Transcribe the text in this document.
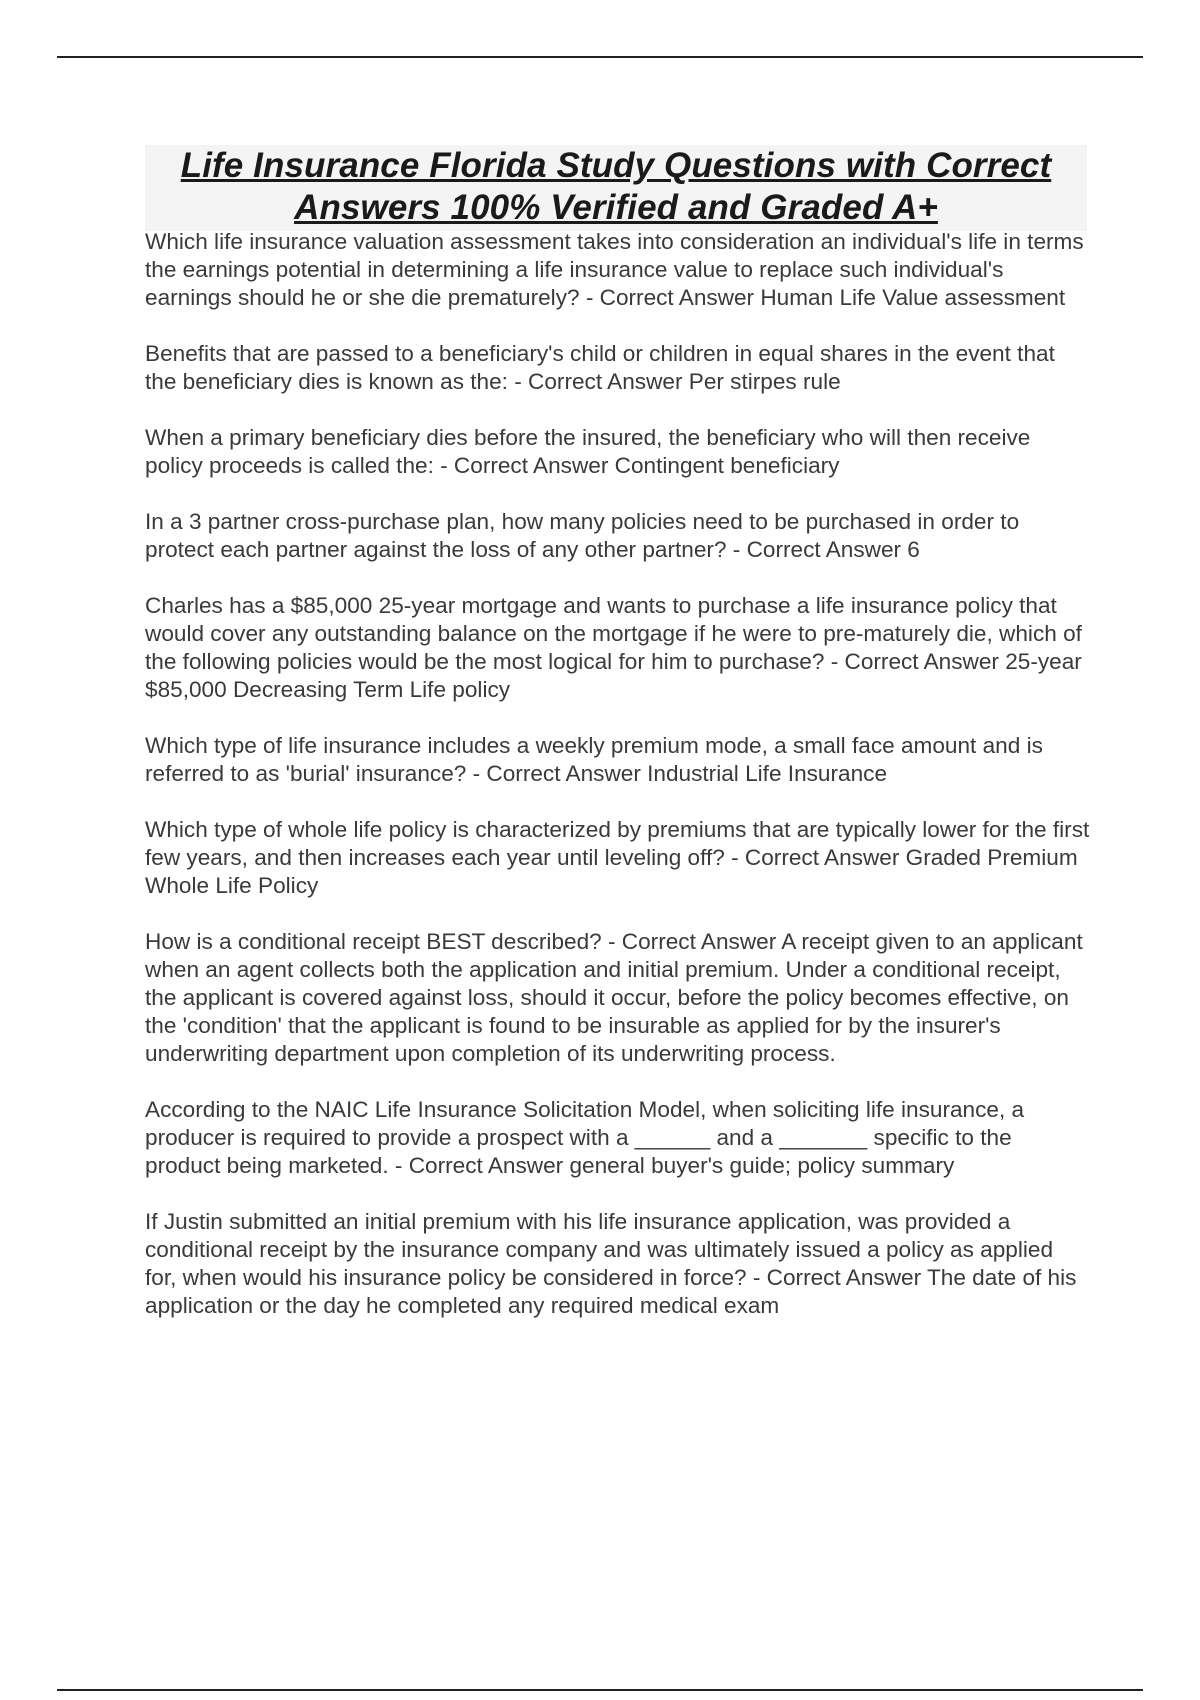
Life Insurance Florida Study Questions with Correct Answers 100% Verified and Graded A+

Which life insurance valuation assessment takes into consideration an individual's life in terms the earnings potential in determining a life insurance value to replace such individual's earnings should he or she die prematurely? - Correct Answer Human Life Value assessment

Benefits that are passed to a beneficiary's child or children in equal shares in the event that the beneficiary dies is known as the: - Correct Answer Per stirpes rule

When a primary beneficiary dies before the insured, the beneficiary who will then receive policy proceeds is called the: - Correct Answer Contingent beneficiary

In a 3 partner cross-purchase plan, how many policies need to be purchased in order to protect each partner against the loss of any other partner? - Correct Answer 6

Charles has a $85,000 25-year mortgage and wants to purchase a life insurance policy that would cover any outstanding balance on the mortgage if he were to pre-maturely die, which of the following policies would be the most logical for him to purchase? - Correct Answer 25-year $85,000 Decreasing Term Life policy

Which type of life insurance includes a weekly premium mode, a small face amount and is referred to as 'burial' insurance? - Correct Answer Industrial Life Insurance

Which type of whole life policy is characterized by premiums that are typically lower for the first few years, and then increases each year until leveling off? - Correct Answer Graded Premium Whole Life Policy

How is a conditional receipt BEST described? - Correct Answer A receipt given to an applicant when an agent collects both the application and initial premium. Under a conditional receipt, the applicant is covered against loss, should it occur, before the policy becomes effective, on the 'condition' that the applicant is found to be insurable as applied for by the insurer's underwriting department upon completion of its underwriting process.

According to the NAIC Life Insurance Solicitation Model, when soliciting life insurance, a producer is required to provide a prospect with a ______ and a _______ specific to the product being marketed. - Correct Answer general buyer's guide; policy summary

If Justin submitted an initial premium with his life insurance application, was provided a conditional receipt by the insurance company and was ultimately issued a policy as applied for, when would his insurance policy be considered in force? - Correct Answer The date of his application or the day he completed any required medical exam
